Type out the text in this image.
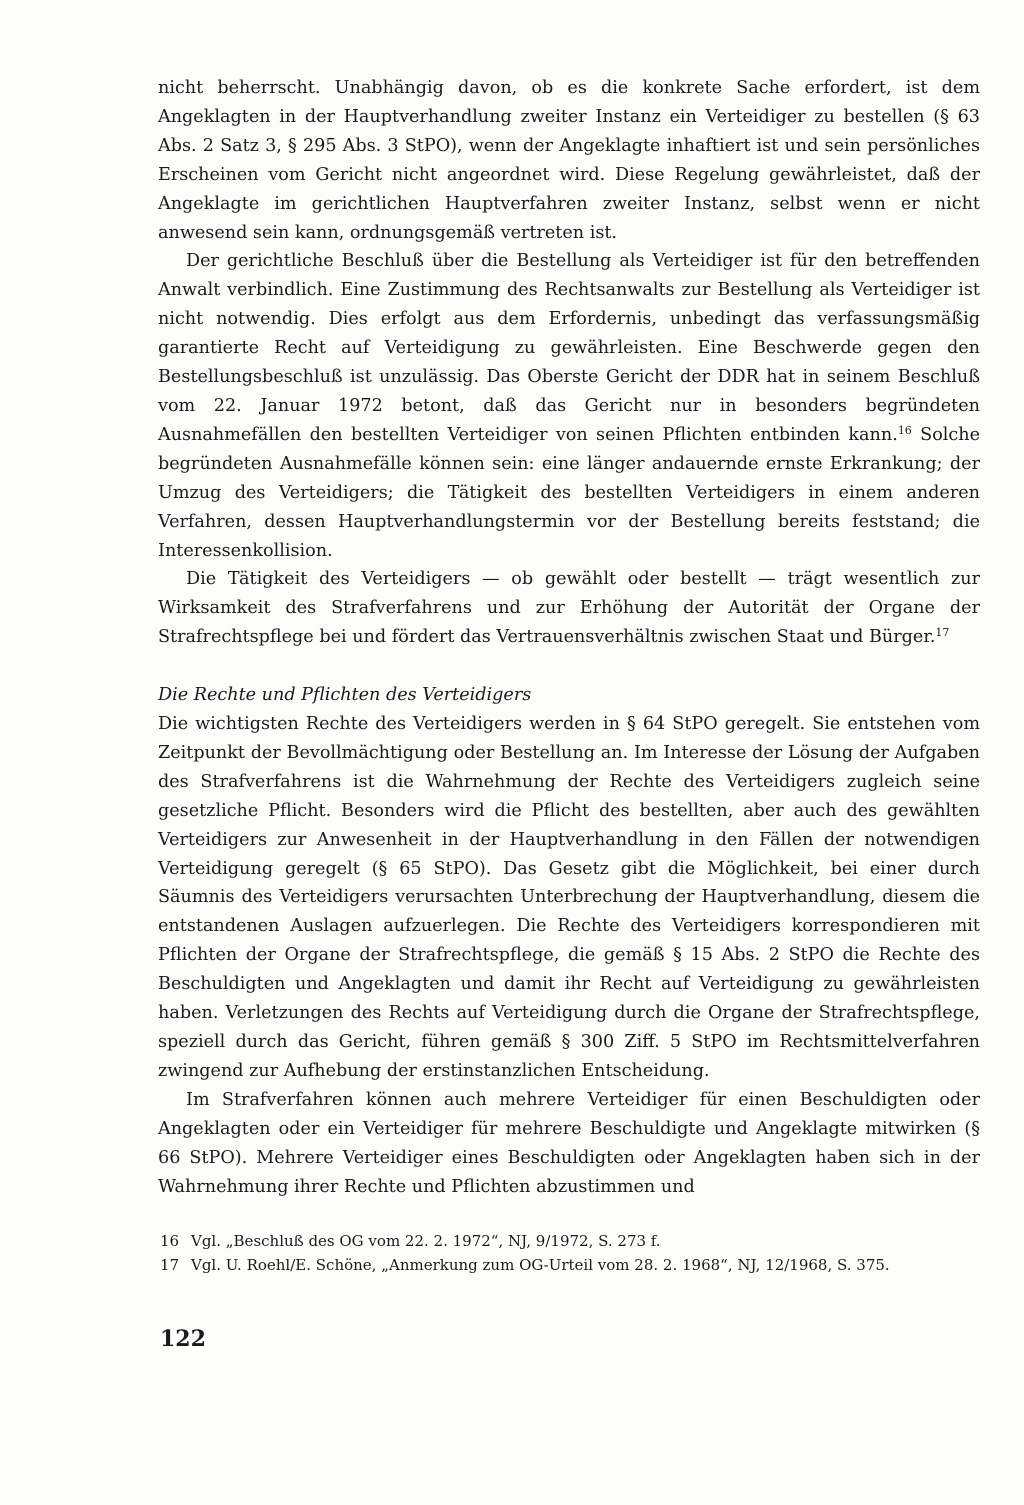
nicht beherrscht. Unabhängig davon, ob es die konkrete Sache erfordert, ist dem Angeklagten in der Hauptverhandlung zweiter Instanz ein Verteidiger zu bestellen (§ 63 Abs. 2 Satz 3, § 295 Abs. 3 StPO), wenn der Angeklagte inhaftiert ist und sein persönliches Erscheinen vom Gericht nicht angeordnet wird. Diese Regelung gewährleistet, daß der Angeklagte im gerichtlichen Hauptverfahren zweiter Instanz, selbst wenn er nicht anwesend sein kann, ordnungsgemäß vertreten ist.

Der gerichtliche Beschluß über die Bestellung als Verteidiger ist für den betreffenden Anwalt verbindlich. Eine Zustimmung des Rechtsanwalts zur Bestellung als Verteidiger ist nicht notwendig. Dies erfolgt aus dem Erfordernis, unbedingt das verfassungsmäßig garantierte Recht auf Verteidigung zu gewährleisten. Eine Beschwerde gegen den Bestellungsbeschluß ist unzulässig. Das Oberste Gericht der DDR hat in seinem Beschluß vom 22. Januar 1972 betont, daß das Gericht nur in besonders begründeten Ausnahmefällen den bestellten Verteidiger von seinen Pflichten entbinden kann.$^{16}$ Solche begründeten Ausnahmefälle können sein: eine länger andauernde ernste Erkrankung; der Umzug des Verteidigers; die Tätigkeit des bestellten Verteidigers in einem anderen Verfahren, dessen Hauptverhandlungstermin vor der Bestellung bereits feststand; die Interessenkollision.

Die Tätigkeit des Verteidigers — ob gewählt oder bestellt — trägt wesentlich zur Wirksamkeit des Strafverfahrens und zur Erhöhung der Autorität der Organe der Strafrechtspflege bei und fördert das Vertrauensverhältnis zwischen Staat und Bürger.$^{17}$

Die Rechte und Pflichten des Verteidigers

Die wichtigsten Rechte des Verteidigers werden in § 64 StPO geregelt. Sie entstehen vom Zeitpunkt der Bevollmächtigung oder Bestellung an. Im Interesse der Lösung der Aufgaben des Strafverfahrens ist die Wahrnehmung der Rechte des Verteidigers zugleich seine gesetzliche Pflicht. Besonders wird die Pflicht des bestellten, aber auch des gewählten Verteidigers zur Anwesenheit in der Hauptverhandlung in den Fällen der notwendigen Verteidigung geregelt (§ 65 StPO). Das Gesetz gibt die Möglichkeit, bei einer durch Säumnis des Verteidigers verursachten Unterbrechung der Hauptverhandlung, diesem die entstandenen Auslagen aufzuerlegen. Die Rechte des Verteidigers korrespondieren mit Pflichten der Organe der Strafrechtspflege, die gemäß § 15 Abs. 2 StPO die Rechte des Beschuldigten und Angeklagten und damit ihr Recht auf Verteidigung zu gewährleisten haben. Verletzungen des Rechts auf Verteidigung durch die Organe der Strafrechtspflege, speziell durch das Gericht, führen gemäß § 300 Ziff. 5 StPO im Rechtsmittelverfahren zwingend zur Aufhebung der erstinstanzlichen Entscheidung.

Im Strafverfahren können auch mehrere Verteidiger für einen Beschuldigten oder Angeklagten oder ein Verteidiger für mehrere Beschuldigte und Angeklagte mitwirken (§ 66 StPO). Mehrere Verteidiger eines Beschuldigten oder Angeklagten haben sich in der Wahrnehmung ihrer Rechte und Pflichten abzustimmen und

16 Vgl. „Beschluß des OG vom 22. 2. 1972“, NJ, 9/1972, S. 273 f.

17 Vgl. U. Roehl/E. Schöne, „Anmerkung zum OG-Urteil vom 28. 2. 1968“, NJ, 12/1968, S. 375.

122
